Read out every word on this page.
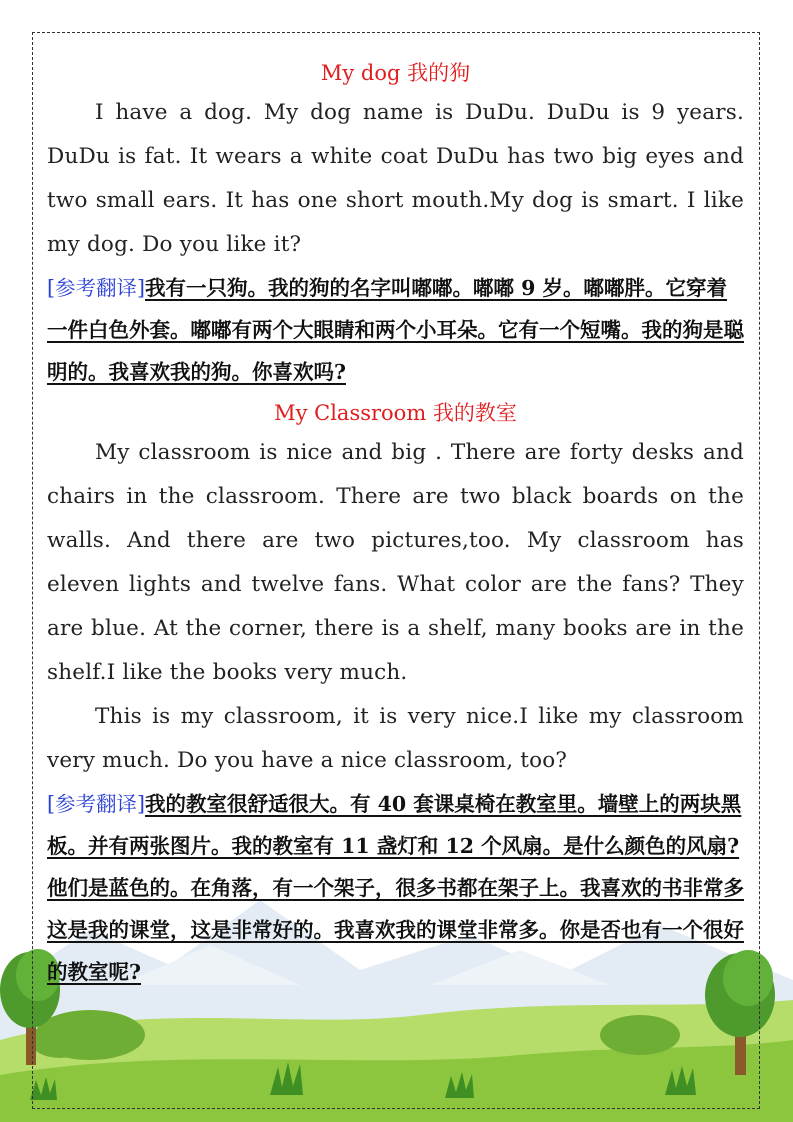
My dog 我的狗

I have a dog. My dog name is DuDu. DuDu is 9 years. DuDu is fat. It wears a white coat DuDu has two big eyes and two small ears. It has one short mouth.My dog is smart. I like my dog. Do you like it?

[参考翻译]我有一只狗。我的狗的名字叫嘟嘟。嘟嘟 9 岁。嘟嘟胖。它穿着一件白色外套。嘟嘟有两个大眼睛和两个小耳朵。它有一个短嘴。我的狗是聪明的。我喜欢我的狗。你喜欢吗?

My Classroom 我的教室

My classroom is nice and big . There are forty desks and chairs in the classroom. There are two black boards on the walls. And there are two pictures,too. My classroom has eleven lights and twelve fans. What color are the fans? They are blue. At the corner, there is a shelf, many books are in the shelf.I like the books very much.

This is my classroom, it is very nice.I like my classroom very much. Do you have a nice classroom, too?

[参考翻译]我的教室很舒适很大。有 40 套课桌椅在教室里。墙壁上的两块黑板。并有两张图片。我的教室有 11 盏灯和 12 个风扇。是什么颜色的风扇?他们是蓝色的。在角落，有一个架子，很多书都在架子上。我喜欢的书非常多

这是我的课堂，这是非常好的。我喜欢我的课堂非常多。你是否也有一个很好的教室呢?
